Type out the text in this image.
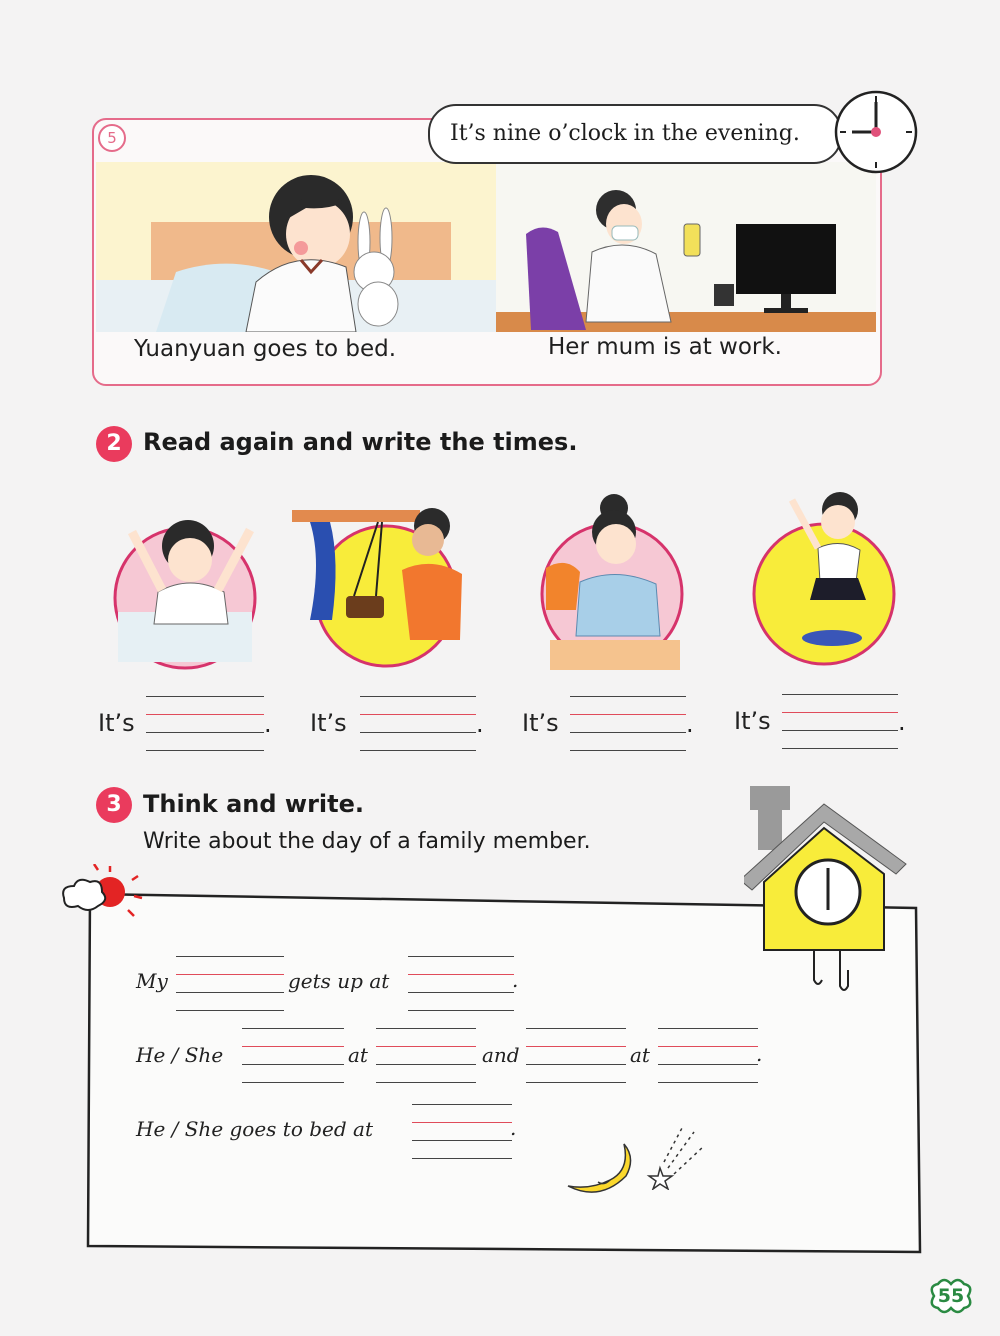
5	It’s nine o’clock in the evening.
Yuanyuan goes to bed.	Her mum is at work.
2 Read again and write the times.
It’s	. It’s	. It’s	. It’s	.
3 Think and write.
Write about the day of a family member.
My	gets up at	.
He / She	at	and	at	.
He / She goes to bed at	.
55
